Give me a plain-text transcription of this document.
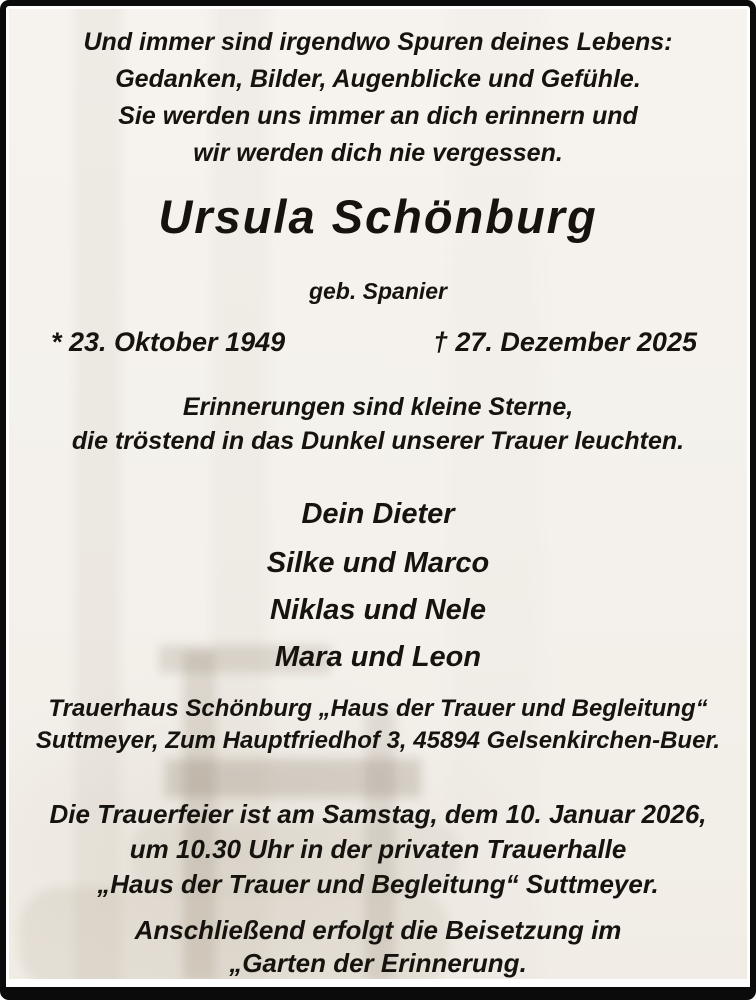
Und immer sind irgendwo Spuren deines Lebens:
Gedanken, Bilder, Augenblicke und Gefühle.
Sie werden uns immer an dich erinnern und
wir werden dich nie vergessen.
Ursula Schönburg
geb. Spanier
* 23. Oktober 1949	† 27. Dezember 2025
Erinnerungen sind kleine Sterne,
die tröstend in das Dunkel unserer Trauer leuchten.
Dein Dieter
Silke und Marco
Niklas und Nele
Mara und Leon
Trauerhaus Schönburg „Haus der Trauer und Begleitung“
Suttmeyer, Zum Hauptfriedhof 3, 45894 Gelsenkirchen-Buer.
Die Trauerfeier ist am Samstag, dem 10. Januar 2026,
um 10.30 Uhr in der privaten Trauerhalle
„Haus der Trauer und Begleitung“ Suttmeyer.
Anschließend erfolgt die Beisetzung im
„Garten der Erinnerung.
